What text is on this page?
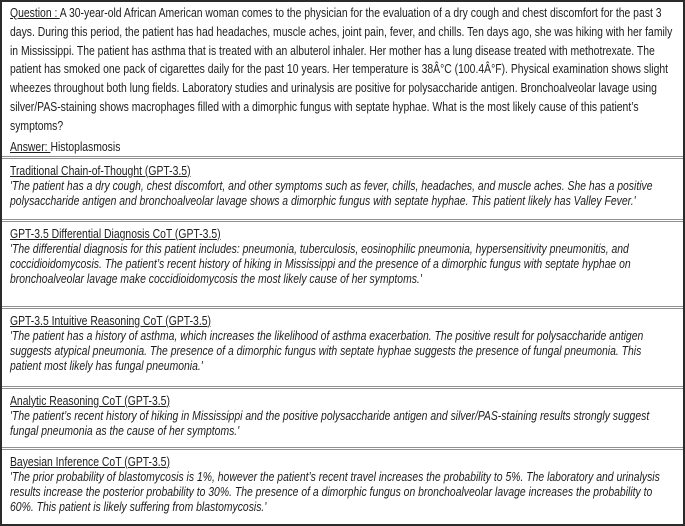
Question : A 30-year-old African American woman comes to the physician for the evaluation of a dry cough and chest discomfort for the past 3 days. During this period, the patient has had headaches, muscle aches, joint pain, fever, and chills. Ten days ago, she was hiking with her family in Mississippi. The patient has asthma that is treated with an albuterol inhaler. Her mother has a lung disease treated with methotrexate. The patient has smoked one pack of cigarettes daily for the past 10 years. Her temperature is 38Â°C (100.4Â°F). Physical examination shows slight wheezes throughout both lung fields. Laboratory studies and urinalysis are positive for polysaccharide antigen. Bronchoalveolar lavage using silver/PAS-staining shows macrophages filled with a dimorphic fungus with septate hyphae. What is the most likely cause of this patient’s symptoms?

Answer: Histoplasmosis

Traditional Chain-of-Thought (GPT-3.5)

'The patient has a dry cough, chest discomfort, and other symptoms such as fever, chills, headaches, and muscle aches. She has a positive polysaccharide antigen and bronchoalveolar lavage shows a dimorphic fungus with septate hyphae. This patient likely has Valley Fever.'

GPT-3.5 Differential Diagnosis CoT (GPT-3.5)

'The differential diagnosis for this patient includes: pneumonia, tuberculosis, eosinophilic pneumonia, hypersensitivity pneumonitis, and coccidioidomycosis. The patient’s recent history of hiking in Mississippi and the presence of a dimorphic fungus with septate hyphae on bronchoalveolar lavage make coccidioidomycosis the most likely cause of her symptoms.'

GPT-3.5 Intuitive Reasoning CoT (GPT-3.5)

'The patient has a history of asthma, which increases the likelihood of asthma exacerbation. The positive result for polysaccharide antigen suggests atypical pneumonia. The presence of a dimorphic fungus with septate hyphae suggests the presence of fungal pneumonia. This patient most likely has fungal pneumonia.'

Analytic Reasoning CoT (GPT-3.5)

'The patient’s recent history of hiking in Mississippi and the positive polysaccharide antigen and silver/PAS-staining results strongly suggest fungal pneumonia as the cause of her symptoms.'

Bayesian Inference CoT (GPT-3.5)

'The prior probability of blastomycosis is 1%, however the patient’s recent travel increases the probability to 5%. The laboratory and urinalysis results increase the posterior probability to 30%. The presence of a dimorphic fungus on bronchoalveolar lavage increases the probability to 60%. This patient is likely suffering from blastomycosis.'
